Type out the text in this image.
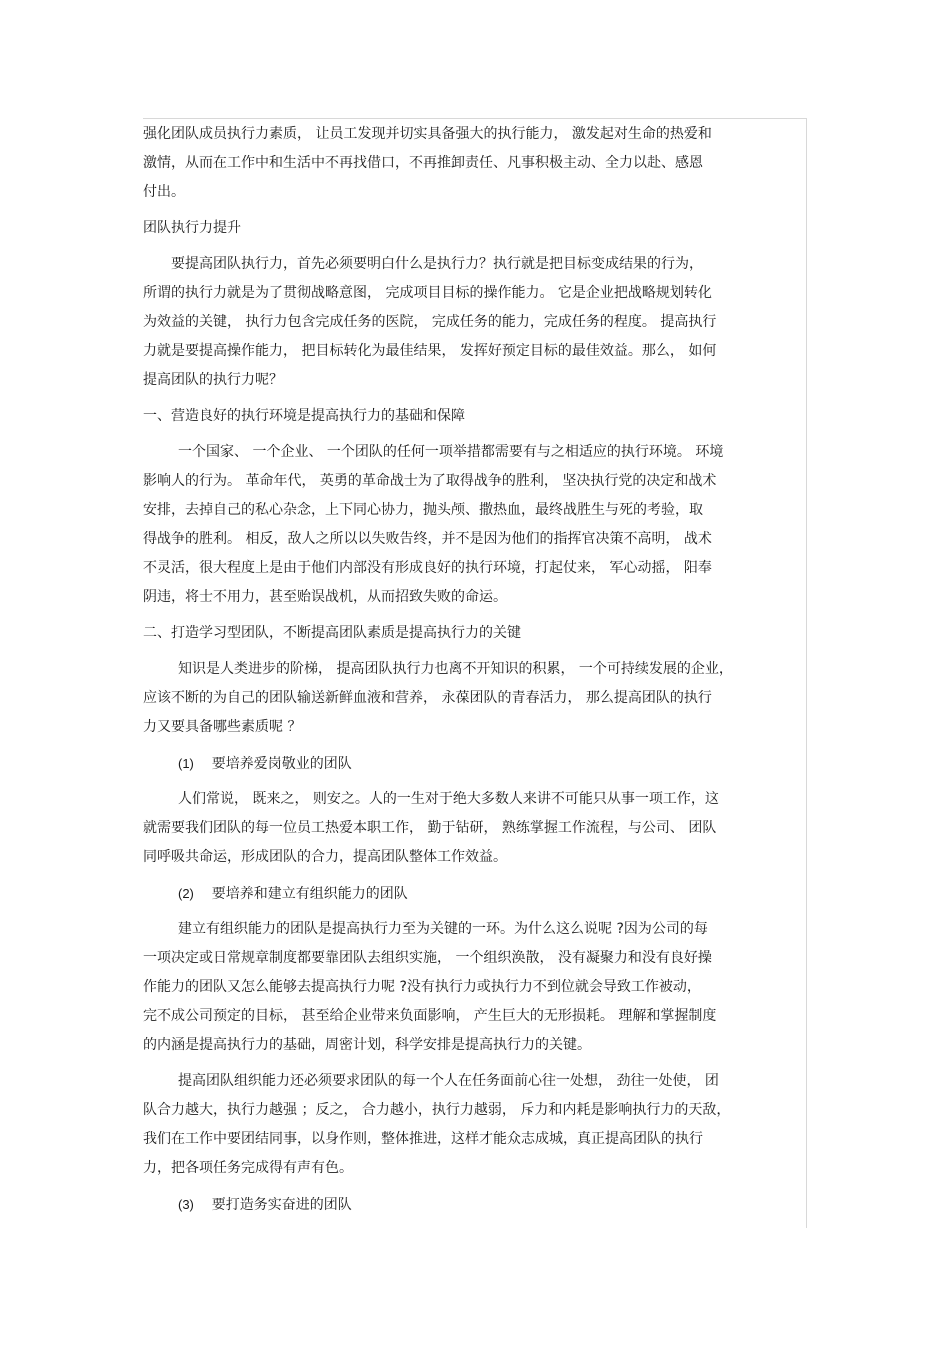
强化团队成员执行力素质， 让员工发现并切实具备强大的执行能力， 激发起对生命的热爱和
激情，从而在工作中和生活中不再找借口，不再推卸责任、凡事积极主动、全力以赴、感恩
付出。
团队执行力提升
要提高团队执行力，首先必须要明白什么是执行力？执行就是把目标变成结果的行为，
所谓的执行力就是为了贯彻战略意图， 完成项目目标的操作能力。 它是企业把战略规划转化
为效益的关键， 执行力包含完成任务的医院， 完成任务的能力，完成任务的程度。 提高执行
力就是要提高操作能力， 把目标转化为最佳结果， 发挥好预定目标的最佳效益。那么， 如何
提高团队的执行力呢？
一、营造良好的执行环境是提高执行力的基础和保障
一个国家、 一个企业、 一个团队的任何一项举措都需要有与之相适应的执行环境。 环境
影响人的行为。 革命年代， 英勇的革命战士为了取得战争的胜利， 坚决执行党的决定和战术
安排，去掉自己的私心杂念，上下同心协力，抛头颅、撒热血，最终战胜生与死的考验，取
得战争的胜利。 相反，敌人之所以以失败告终，并不是因为他们的指挥官决策不高明， 战术
不灵活，很大程度上是由于他们内部没有形成良好的执行环境，打起仗来， 军心动摇， 阳奉
阴违，将士不用力，甚至贻误战机，从而招致失败的命运。
二、打造学习型团队，不断提高团队素质是提高执行力的关键
知识是人类进步的阶梯， 提高团队执行力也离不开知识的积累， 一个可持续发展的企业，
应该不断的为自己的团队输送新鲜血液和营养， 永葆团队的青春活力， 那么提高团队的执行
力又要具备哪些素质呢 ？
(1) 要培养爱岗敬业的团队
人们常说， 既来之， 则安之。人的一生对于绝大多数人来讲不可能只从事一项工作，这
就需要我们团队的每一位员工热爱本职工作， 勤于钻研， 熟练掌握工作流程，与公司、 团队
同呼吸共命运，形成团队的合力，提高团队整体工作效益。
(2) 要培养和建立有组织能力的团队
建立有组织能力的团队是提高执行力至为关键的一环。为什么这么说呢 ?因为公司的每
一项决定或日常规章制度都要靠团队去组织实施， 一个组织涣散， 没有凝聚力和没有良好操
作能力的团队又怎么能够去提高执行力呢 ?没有执行力或执行力不到位就会导致工作被动，
完不成公司预定的目标， 甚至给企业带来负面影响， 产生巨大的无形损耗。 理解和掌握制度
的内涵是提高执行力的基础，周密计划，科学安排是提高执行力的关键。
提高团队组织能力还必须要求团队的每一个人在任务面前心往一处想， 劲往一处使， 团
队合力越大，执行力越强 ；反之， 合力越小，执行力越弱， 斥力和内耗是影响执行力的天敌，
我们在工作中要团结同事，以身作则，整体推进，这样才能众志成城，真正提高团队的执行
力，把各项任务完成得有声有色。
(3) 要打造务实奋进的团队
